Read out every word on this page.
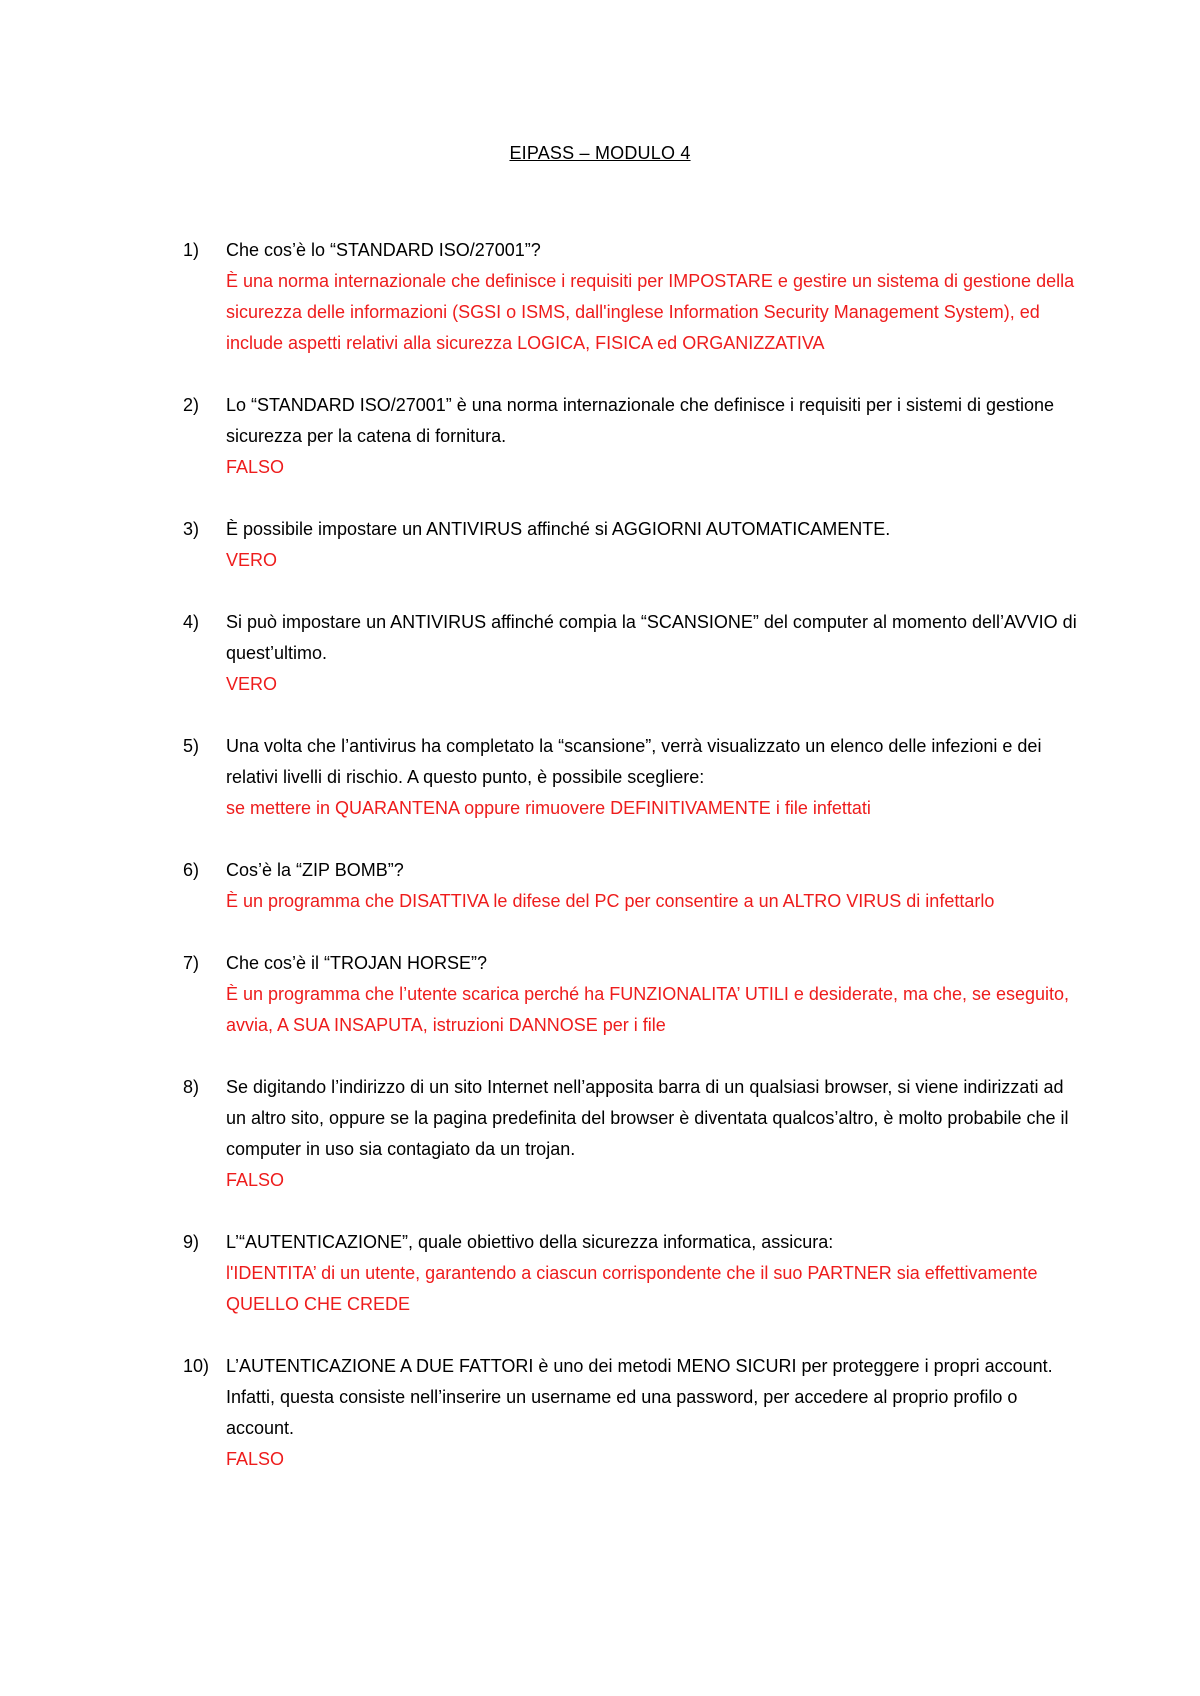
EIPASS – MODULO 4
1)	Che cos’è lo “STANDARD ISO/27001”?
È una norma internazionale che definisce i requisiti per IMPOSTARE e gestire un sistema di gestione della sicurezza delle informazioni (SGSI o ISMS, dall'inglese Information Security Management System), ed include aspetti relativi alla sicurezza LOGICA, FISICA ed ORGANIZZATIVA
2)	Lo “STANDARD ISO/27001” è una norma internazionale che definisce i requisiti per i sistemi di gestione sicurezza per la catena di fornitura.
FALSO
3)	È possibile impostare un ANTIVIRUS affinché si AGGIORNI AUTOMATICAMENTE.
VERO
4)	Si può impostare un ANTIVIRUS affinché compia la “SCANSIONE” del computer al momento dell’AVVIO di quest’ultimo.
VERO
5)	Una volta che l’antivirus ha completato la “scansione”, verrà visualizzato un elenco delle infezioni e dei relativi livelli di rischio. A questo punto, è possibile scegliere:
se mettere in QUARANTENA oppure rimuovere DEFINITIVAMENTE i file infettati
6)	Cos’è la “ZIP BOMB”?
È un programma che DISATTIVA le difese del PC per consentire a un ALTRO VIRUS di infettarlo
7)	Che cos’è il “TROJAN HORSE”?
È un programma che l’utente scarica perché ha FUNZIONALITA’ UTILI e desiderate, ma che, se eseguito, avvia, A SUA INSAPUTA, istruzioni DANNOSE per i file
8)	Se digitando l’indirizzo di un sito Internet nell’apposita barra di un qualsiasi browser, si viene indirizzati ad un altro sito, oppure se la pagina predefinita del browser è diventata qualcos’altro, è molto probabile che il computer in uso sia contagiato da un trojan.
FALSO
9)	L’“AUTENTICAZIONE”, quale obiettivo della sicurezza informatica, assicura:
l'IDENTITA’ di un utente, garantendo a ciascun corrispondente che il suo PARTNER sia effettivamente QUELLO CHE CREDE
10) L’AUTENTICAZIONE A DUE FATTORI è uno dei metodi MENO SICURI per proteggere i propri account. Infatti, questa consiste nell’inserire un username ed una password, per accedere al proprio profilo o account.
FALSO
